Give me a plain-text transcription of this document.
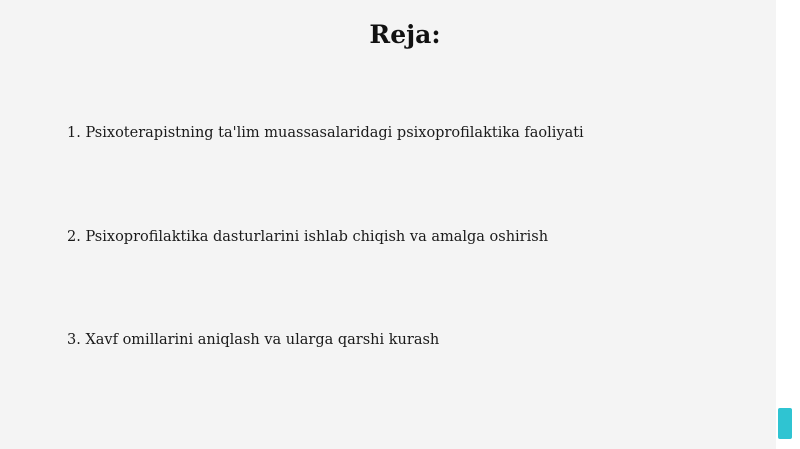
Reja:

1. Psixoterapistning ta'lim muassasalaridagi psixoprofilaktika faoliyati

2. Psixoprofilaktika dasturlarini ishlab chiqish va amalga oshirish

3. Xavf omillarini aniqlash va ularga qarshi kurash
